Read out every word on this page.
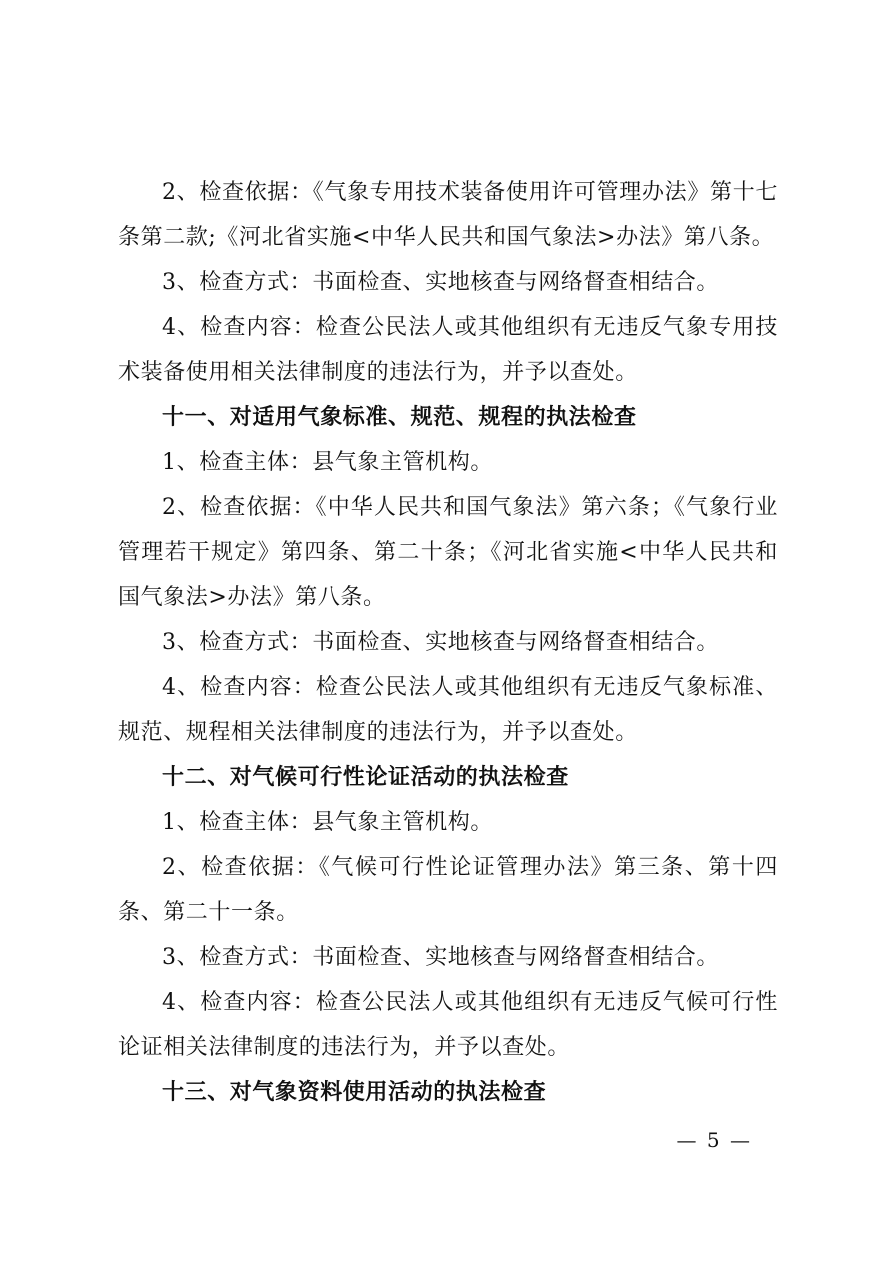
2、检查依据：《气象专用技术装备使用许可管理办法》第十七条第二款;《河北省实施<中华人民共和国气象法>办法》第八条。

3、检查方式：书面检查、实地核查与网络督查相结合。

4、检查内容：检查公民法人或其他组织有无违反气象专用技术装备使用相关法律制度的违法行为，并予以查处。

十一、对适用气象标准、规范、规程的执法检查

1、检查主体：县气象主管机构。

2、检查依据：《中华人民共和国气象法》第六条；《气象行业管理若干规定》第四条、第二十条；《河北省实施<中华人民共和国气象法>办法》第八条。

3、检查方式：书面检查、实地核查与网络督查相结合。

4、检查内容：检查公民法人或其他组织有无违反气象标准、规范、规程相关法律制度的违法行为，并予以查处。

十二、对气候可行性论证活动的执法检查

1、检查主体：县气象主管机构。

2、检查依据：《气候可行性论证管理办法》第三条、第十四条、第二十一条。

3、检查方式：书面检查、实地核查与网络督查相结合。

4、检查内容：检查公民法人或其他组织有无违反气候可行性论证相关法律制度的违法行为，并予以查处。

十三、对气象资料使用活动的执法检查

— 5 —
